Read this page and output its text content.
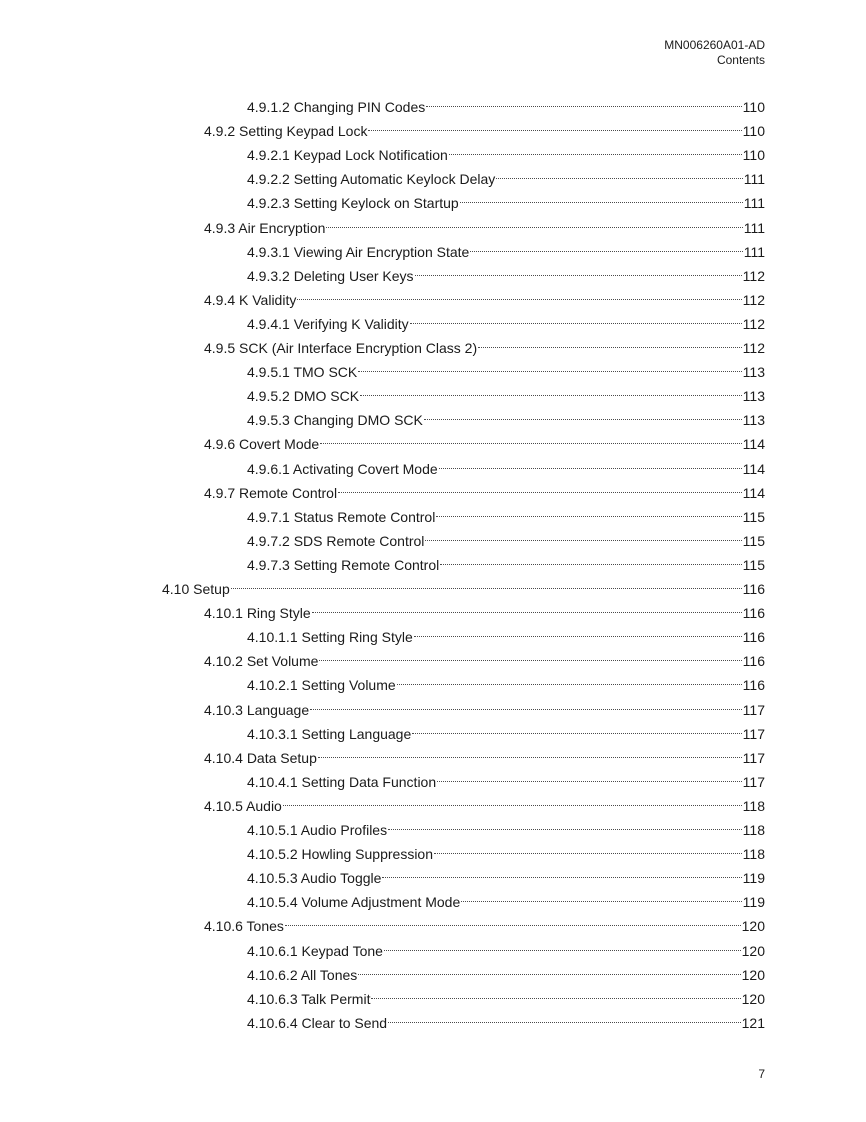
MN006260A01-AD
Contents
4.9.1.2 Changing PIN Codes	110
4.9.2 Setting Keypad Lock	110
4.9.2.1 Keypad Lock Notification	110
4.9.2.2 Setting Automatic Keylock Delay	111
4.9.2.3 Setting Keylock on Startup	111
4.9.3 Air Encryption	111
4.9.3.1 Viewing Air Encryption State	111
4.9.3.2 Deleting User Keys	112
4.9.4 K Validity	112
4.9.4.1 Verifying K Validity	112
4.9.5 SCK (Air Interface Encryption Class 2)	112
4.9.5.1 TMO SCK	113
4.9.5.2 DMO SCK	113
4.9.5.3 Changing DMO SCK	113
4.9.6 Covert Mode	114
4.9.6.1 Activating Covert Mode	114
4.9.7 Remote Control	114
4.9.7.1 Status Remote Control	115
4.9.7.2 SDS Remote Control	115
4.9.7.3 Setting Remote Control	115
4.10 Setup	116
4.10.1 Ring Style	116
4.10.1.1 Setting Ring Style	116
4.10.2 Set Volume	116
4.10.2.1 Setting Volume	116
4.10.3 Language	117
4.10.3.1 Setting Language	117
4.10.4 Data Setup	117
4.10.4.1 Setting Data Function	117
4.10.5 Audio	118
4.10.5.1 Audio Profiles	118
4.10.5.2 Howling Suppression	118
4.10.5.3 Audio Toggle	119
4.10.5.4 Volume Adjustment Mode	119
4.10.6 Tones	120
4.10.6.1 Keypad Tone	120
4.10.6.2 All Tones	120
4.10.6.3 Talk Permit	120
4.10.6.4 Clear to Send	121
7
